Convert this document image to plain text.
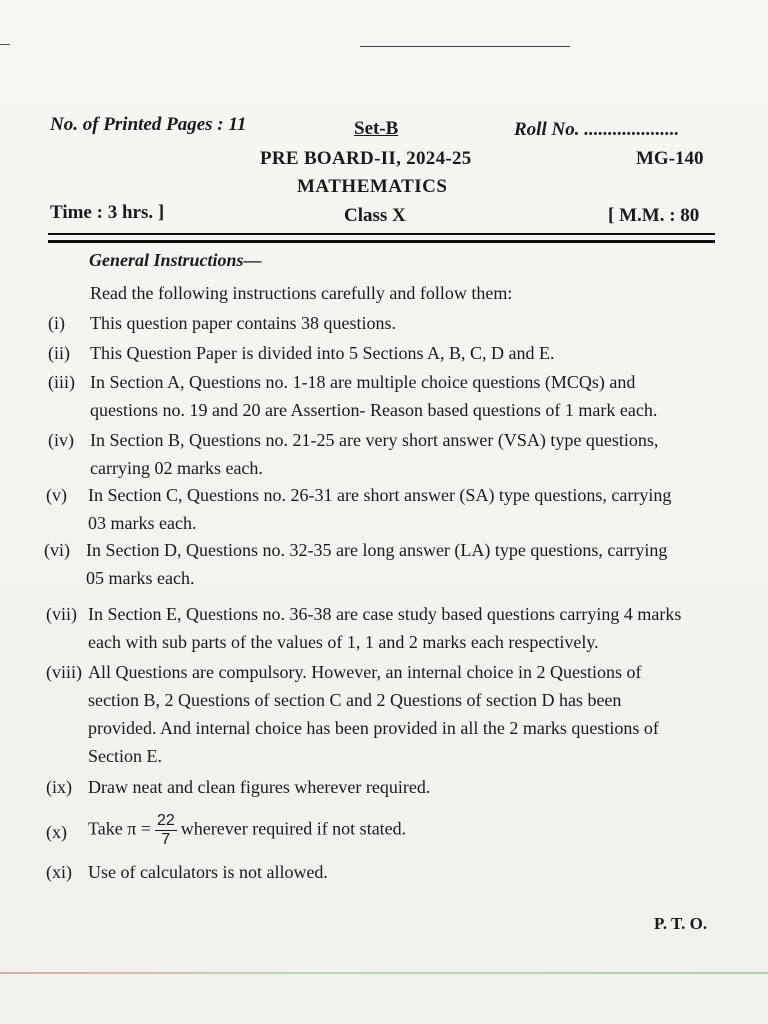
No. of Printed Pages : 11	Set-B	Roll No. ....................
PRE BOARD-II, 2024-25	MG-140
MATHEMATICS
Time : 3 hrs. ]	Class X	[ M.M. : 80
General Instructions—
Read the following instructions carefully and follow them:
(i) This question paper contains 38 questions.
(ii) This Question Paper is divided into 5 Sections A, B, C, D and E.
(iii) In Section A, Questions no. 1-18 are multiple choice questions (MCQs) and
questions no. 19 and 20 are Assertion- Reason based questions of 1 mark each.
(iv) In Section B, Questions no. 21-25 are very short answer (VSA) type questions,
carrying 02 marks each.
(v) In Section C, Questions no. 26-31 are short answer (SA) type questions, carrying
03 marks each.
(vi) In Section D, Questions no. 32-35 are long answer (LA) type questions, carrying
05 marks each.
(vii) In Section E, Questions no. 36-38 are case study based questions carrying 4 marks
each with sub parts of the values of 1, 1 and 2 marks each respectively.
(viii) All Questions are compulsory. However, an internal choice in 2 Questions of
section B, 2 Questions of section C and 2 Questions of section D has been
provided. And internal choice has been provided in all the 2 marks questions of
Section E.
(ix) Draw neat and clean figures wherever required.
(x) Take $\pi = \frac{22}{7}$ wherever required if not stated.
(xi) Use of calculators is not allowed.
P. T. O.
